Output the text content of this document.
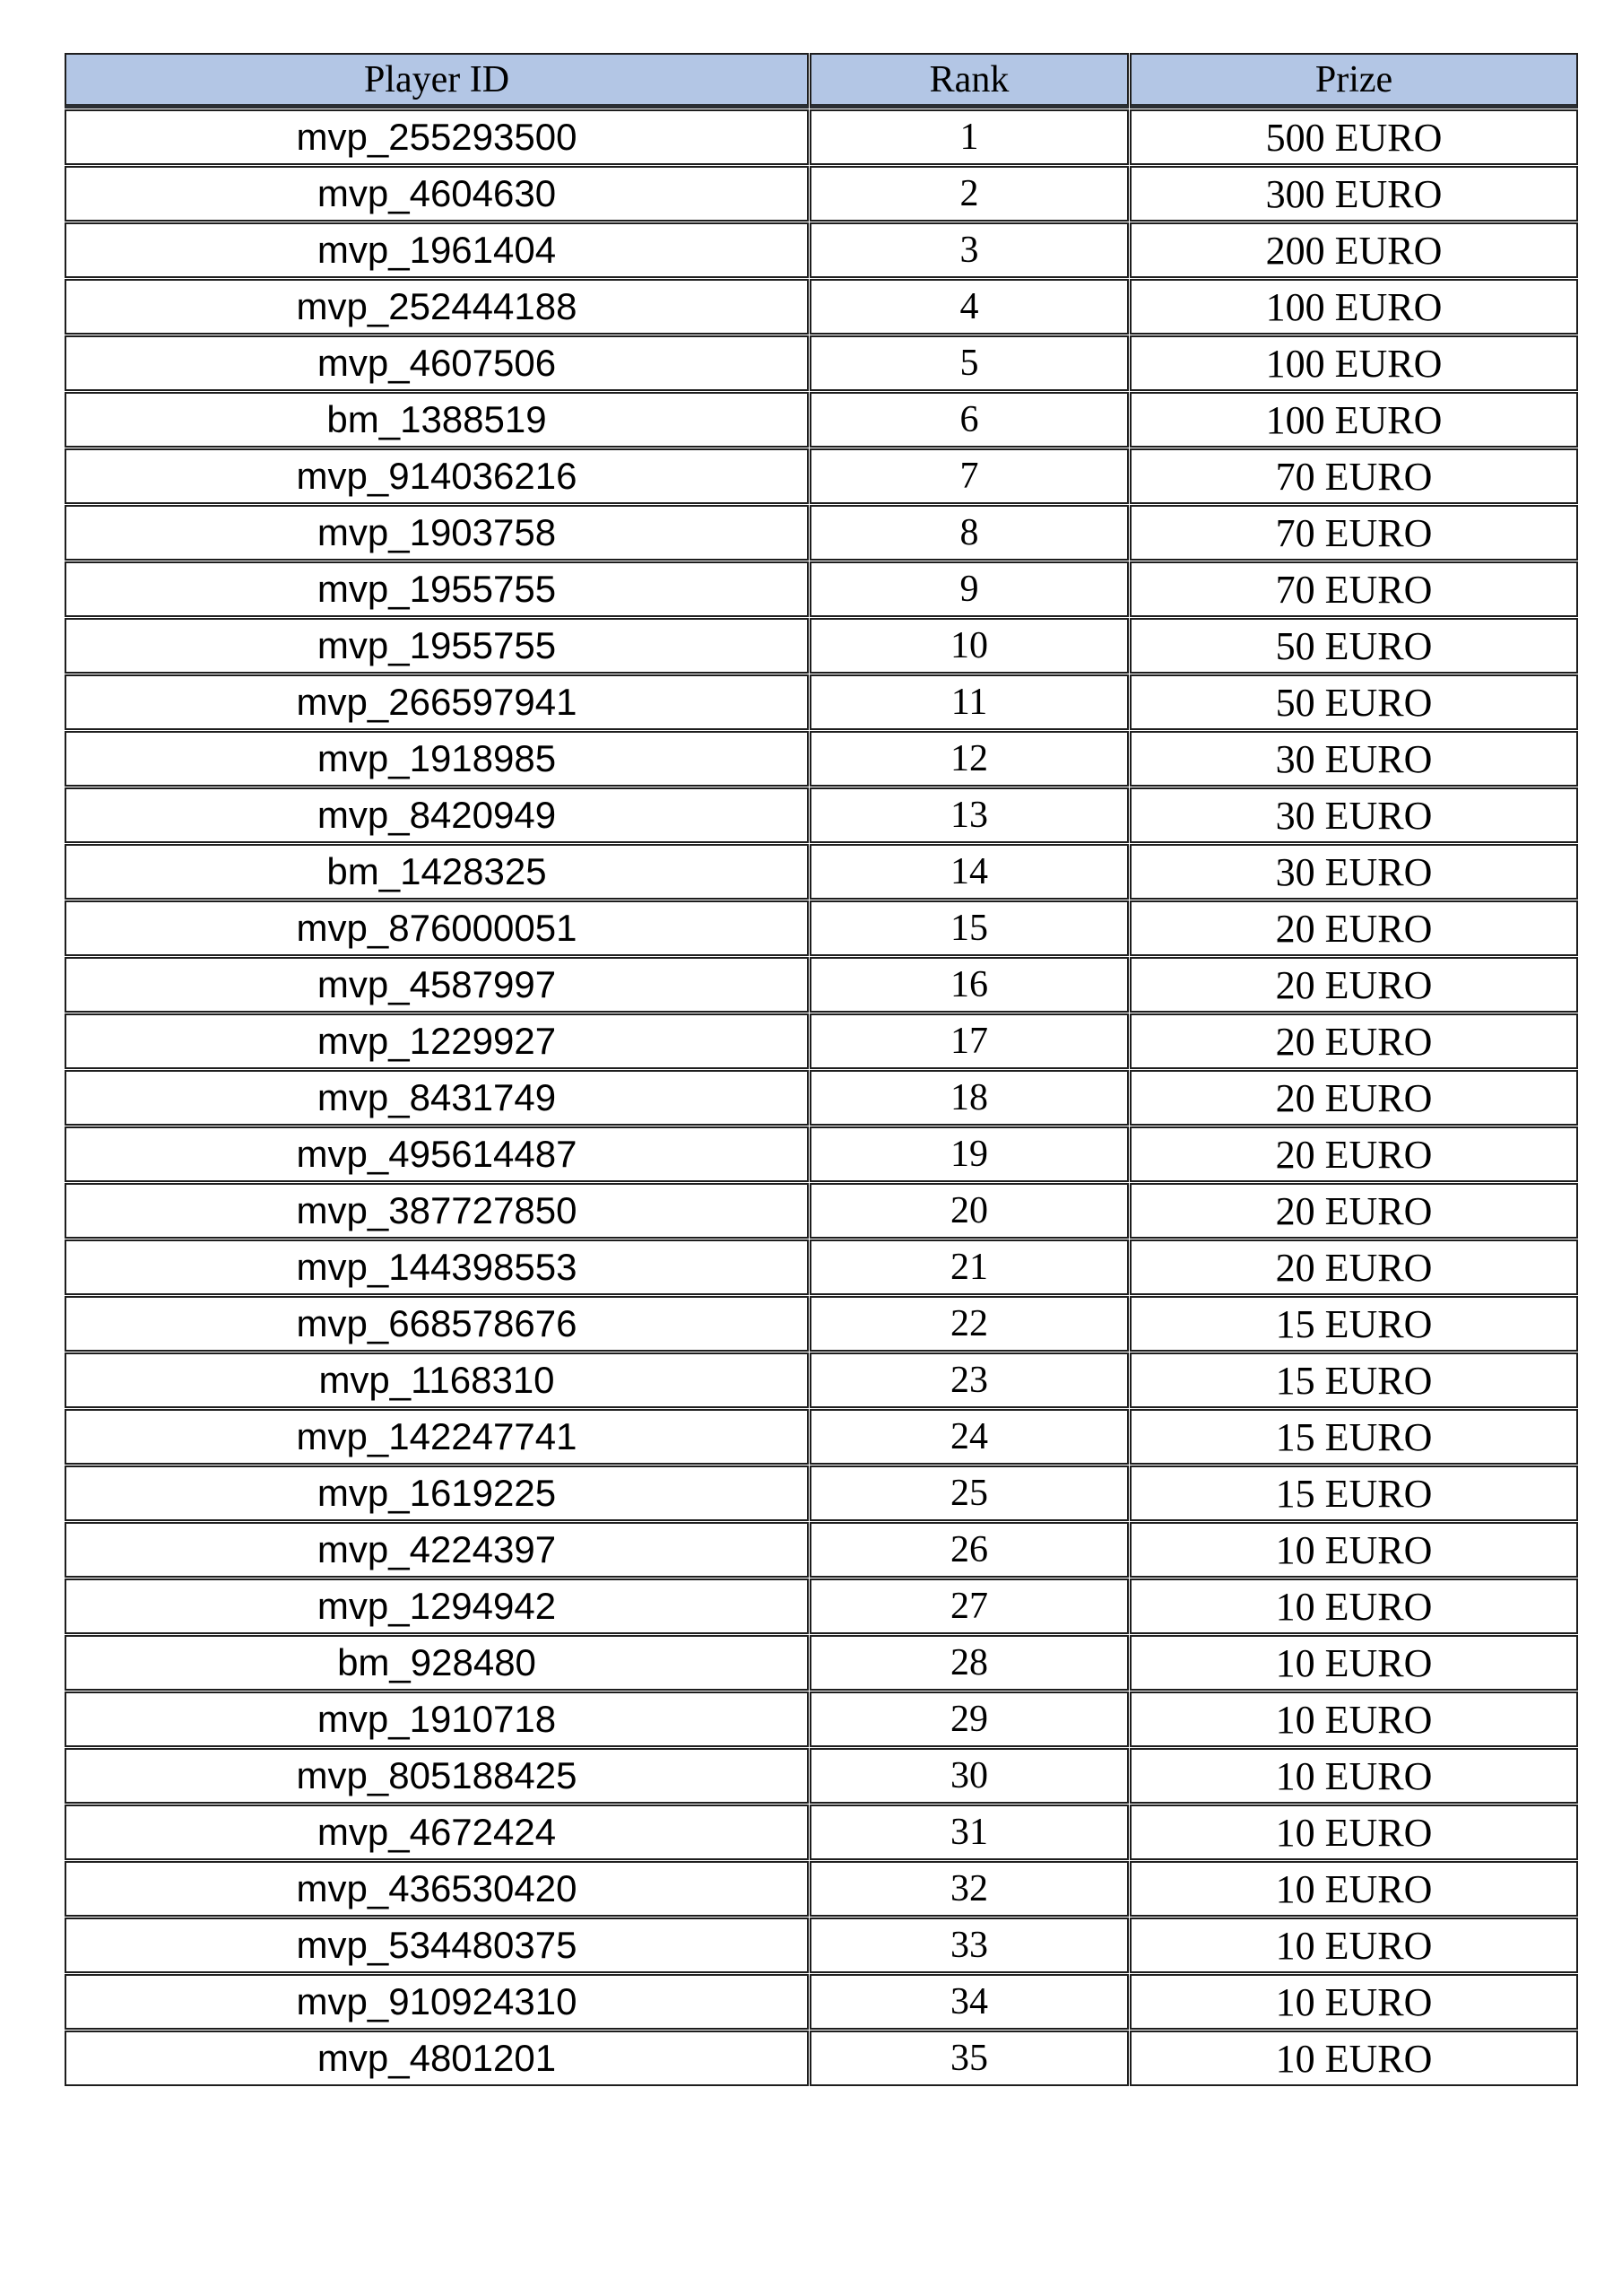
Player ID	Rank	Prize
mvp_255293500	1	500 EURO
mvp_4604630	2	300 EURO
mvp_1961404	3	200 EURO
mvp_252444188	4	100 EURO
mvp_4607506	5	100 EURO
bm_1388519	6	100 EURO
mvp_914036216	7	70 EURO
mvp_1903758	8	70 EURO
mvp_1955755	9	70 EURO
mvp_1955755	10	50 EURO
mvp_266597941	11	50 EURO
mvp_1918985	12	30 EURO
mvp_8420949	13	30 EURO
bm_1428325	14	30 EURO
mvp_876000051	15	20 EURO
mvp_4587997	16	20 EURO
mvp_1229927	17	20 EURO
mvp_8431749	18	20 EURO
mvp_495614487	19	20 EURO
mvp_387727850	20	20 EURO
mvp_144398553	21	20 EURO
mvp_668578676	22	15 EURO
mvp_1168310	23	15 EURO
mvp_142247741	24	15 EURO
mvp_1619225	25	15 EURO
mvp_4224397	26	10 EURO
mvp_1294942	27	10 EURO
bm_928480	28	10 EURO
mvp_1910718	29	10 EURO
mvp_805188425	30	10 EURO
mvp_4672424	31	10 EURO
mvp_436530420	32	10 EURO
mvp_534480375	33	10 EURO
mvp_910924310	34	10 EURO
mvp_4801201	35	10 EURO
